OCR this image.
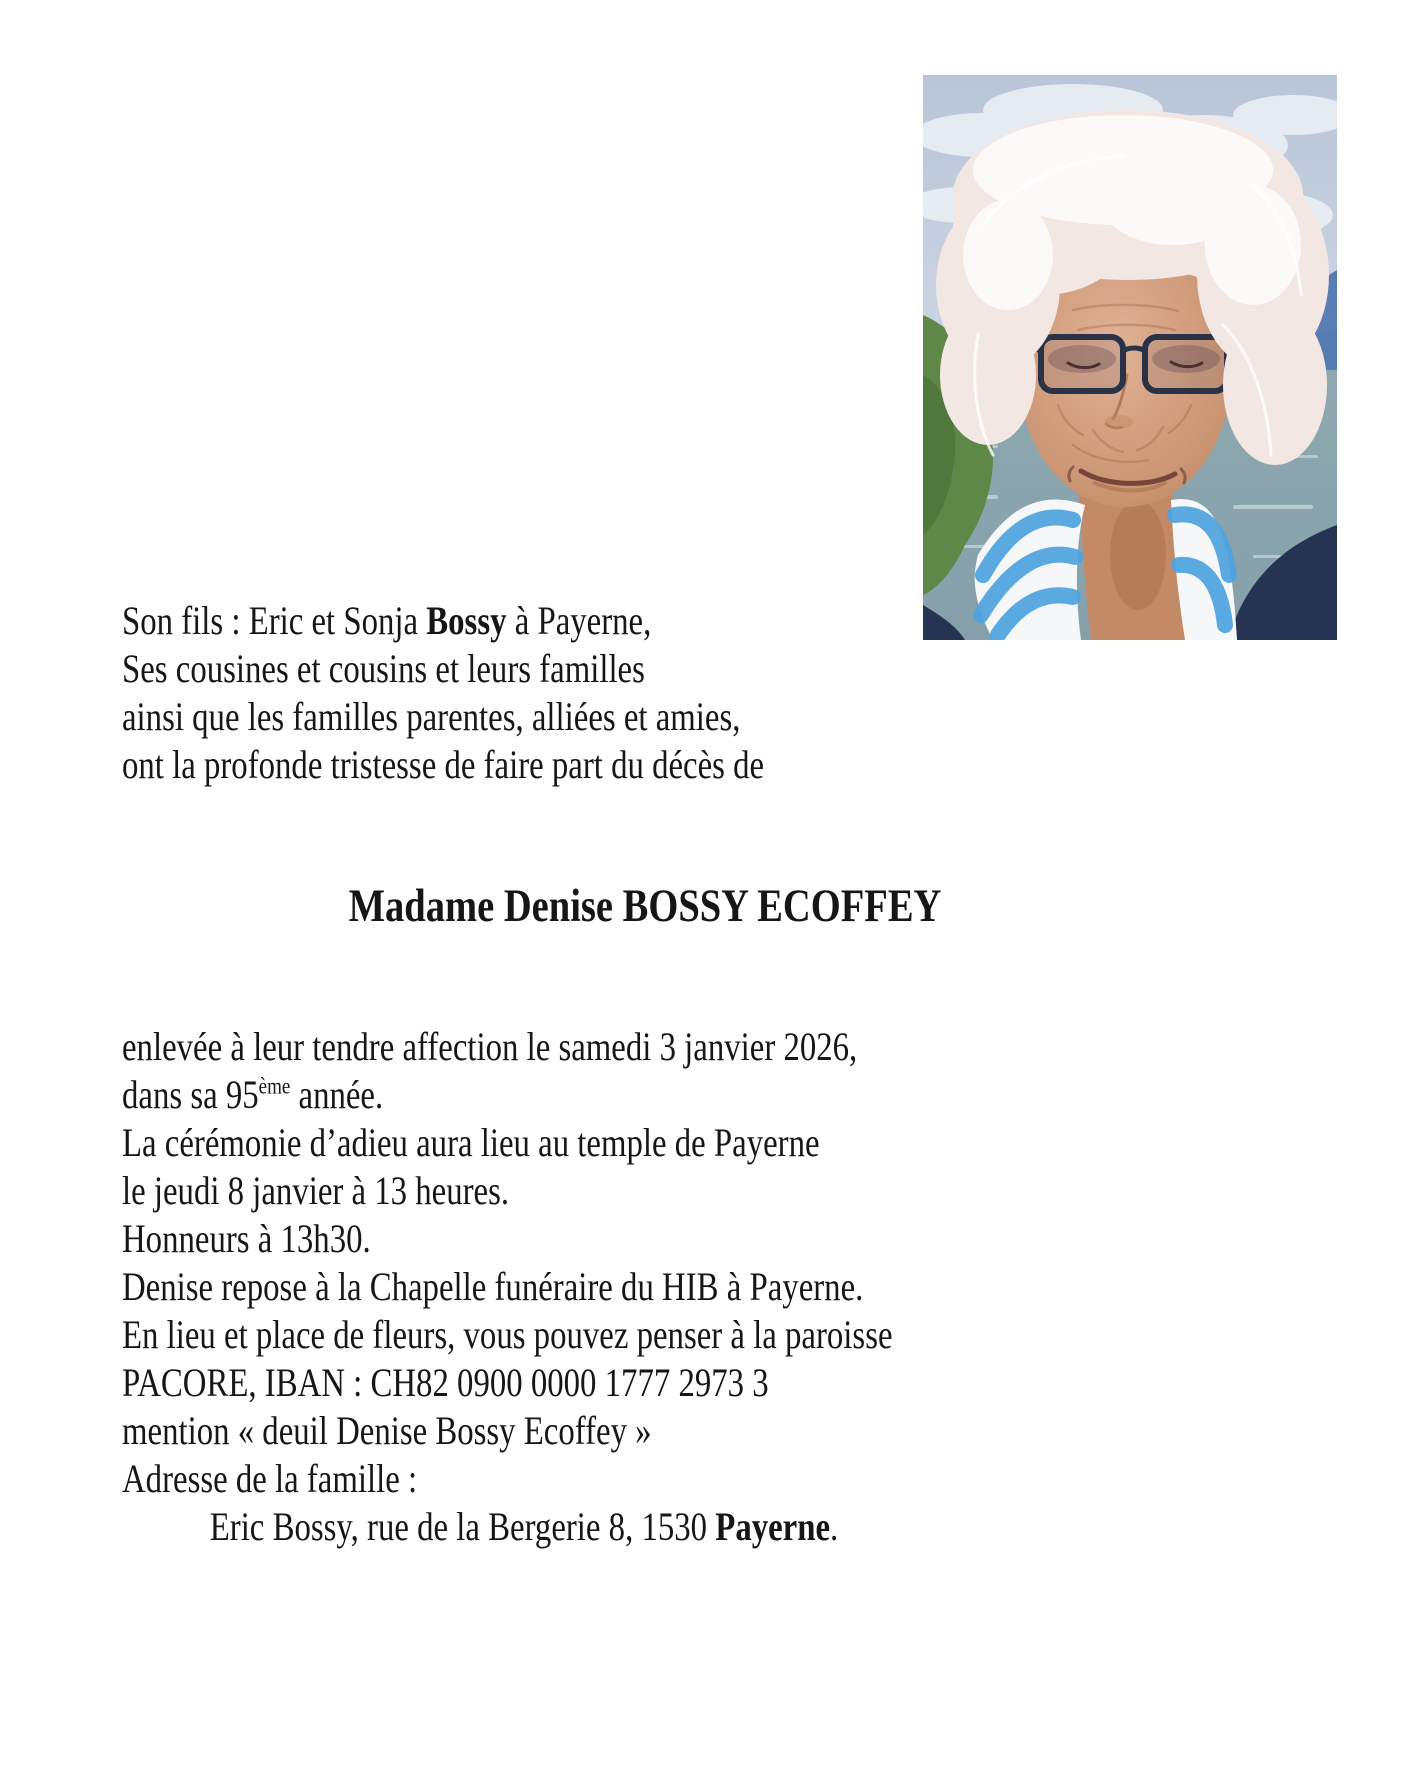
Son fils : Eric et Sonja Bossy à Payerne,
Ses cousines et cousins et leurs familles
ainsi que les familles parentes, alliées et amies,
ont la profonde tristesse de faire part du décès de
Madame Denise BOSSY ECOFFEY
enlevée à leur tendre affection le samedi 3 janvier 2026,
dans sa 95ème année.
La cérémonie d’adieu aura lieu au temple de Payerne
le jeudi 8 janvier à 13 heures.
Honneurs à 13h30.
Denise repose à la Chapelle funéraire du HIB à Payerne.
En lieu et place de fleurs, vous pouvez penser à la paroisse
PACORE, IBAN : CH82 0900 0000 1777 2973 3
mention « deuil Denise Bossy Ecoffey »
Adresse de la famille :
Eric Bossy, rue de la Bergerie 8, 1530 Payerne.
